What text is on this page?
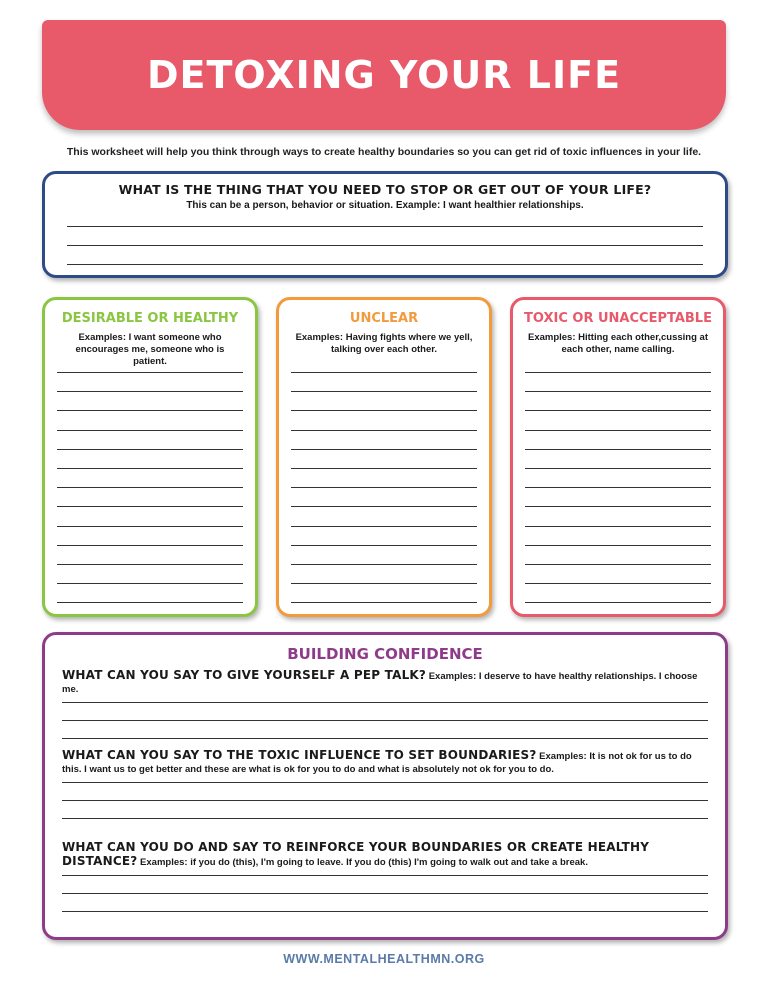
DETOXING YOUR LIFE
This worksheet will help you think through ways to create healthy boundaries so you can get rid of toxic influences in your life.
WHAT IS THE THING THAT YOU NEED TO STOP OR GET OUT OF YOUR LIFE?
This can be a person, behavior or situation. Example: I want healthier relationships.
DESIRABLE OR HEALTHY
Examples: I want someone who encourages me, someone who is patient.
UNCLEAR
Examples: Having fights where we yell, talking over each other.
TOXIC OR UNACCEPTABLE
Examples: Hitting each other,cussing at each other, name calling.
BUILDING CONFIDENCE
WHAT CAN YOU SAY TO GIVE YOURSELF A PEP TALK? Examples: I deserve to have healthy relationships. I choose me.
WHAT CAN YOU SAY TO THE TOXIC INFLUENCE TO SET BOUNDARIES? Examples: It is not ok for us to do this. I want us to get better and these are what is ok for you to do and what is absolutely not ok for you to do.
WHAT CAN YOU DO AND SAY TO REINFORCE YOUR BOUNDARIES OR CREATE HEALTHY DISTANCE? Examples: if you do (this), I'm going to leave. If you do (this) I'm going to walk out and take a break.
WWW.MENTALHEALTHMN.ORG
